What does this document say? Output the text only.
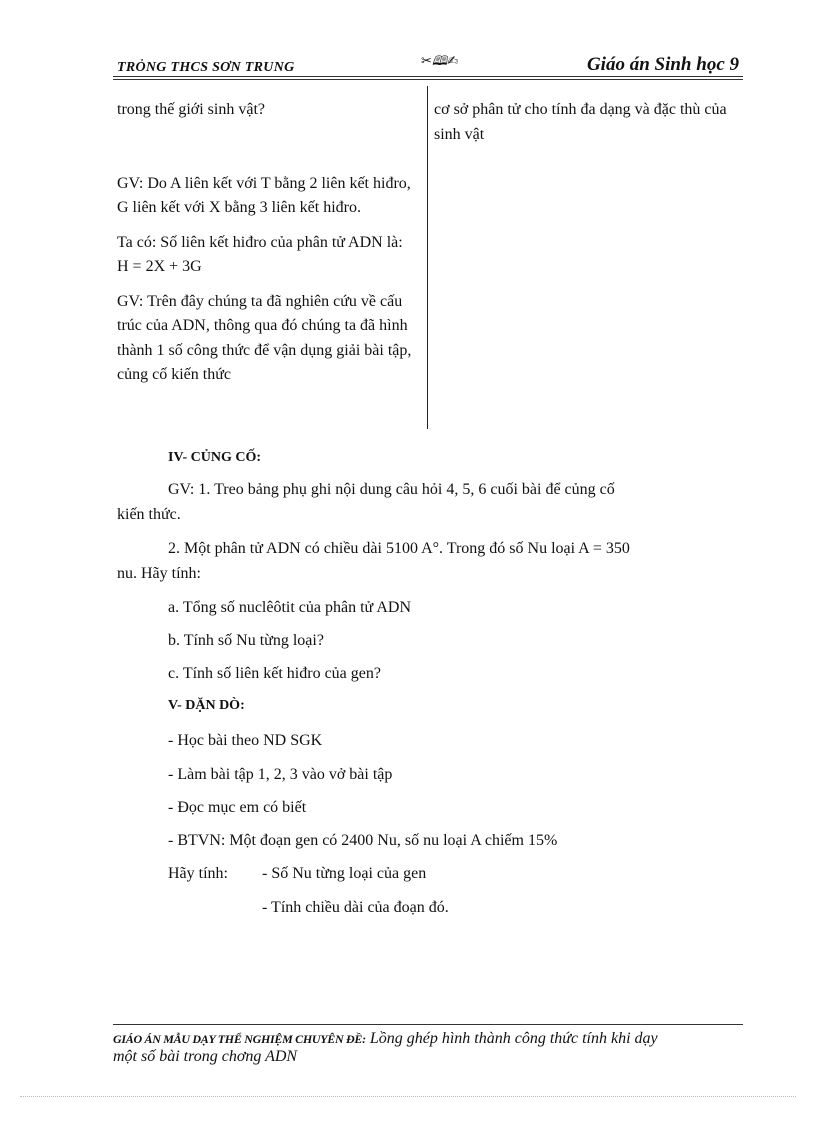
TRỎNG THCS SƠN TRUNG	✂🕮✍	Giáo án Sinh học 9

trong thế giới sinh vật?

GV: Do A liên kết với T bằng 2 liên kết hiđro, G liên kết với X bằng 3 liên kết hiđro.

Ta có: Số liên kết hiđro của phân tử ADN là: H = 2X + 3G

GV: Trên đây chúng ta đã nghiên cứu về cấu trúc của ADN, thông qua đó chúng ta đã hình thành 1 số công thức để vận dụng giải bài tập, củng cố kiến thức

cơ sở phân tử cho tính đa dạng và đặc thù của sinh vật

IV- CỦNG CỐ:
GV: 1. Treo bảng phụ ghi nội dung câu hỏi 4, 5, 6 cuối bài để củng cố
kiến thức.
2. Một phân tử ADN có chiều dài 5100 A°. Trong đó số Nu loại A = 350
nu. Hãy tính:
a. Tổng số nuclêôtit của phân tử ADN
b. Tính số Nu từng loại?
c. Tính số liên kết hiđro của gen?
V- DẶN DÒ:
- Học bài theo ND SGK
- Làm bài tập 1, 2, 3 vào vở bài tập
- Đọc mục em có biết
- BTVN: Một đoạn gen có 2400 Nu, số nu loại A chiếm 15%
Hãy tính: - Số Nu từng loại của gen
- Tính chiều dài của đoạn đó.
GIÁO ÁN MẪU DẠY THỂ NGHIỆM CHUYÊN ĐỀ: Lồng ghép hình thành công thức tính khi dạy
một số bài trong chơng ADN
